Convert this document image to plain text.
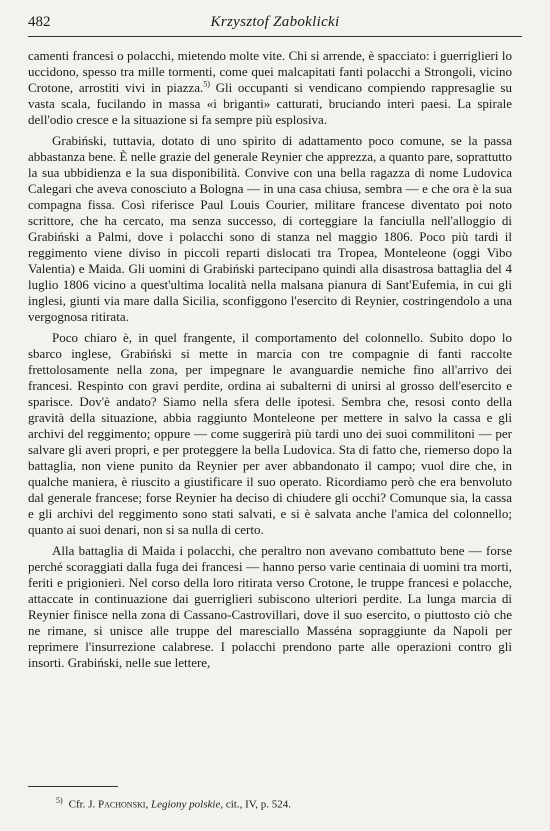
482	Krzysztof Zaboklicki

camenti francesi o polacchi, mietendo molte vite. Chi si arrende, è spacciato: i guerriglieri lo uccidono, spesso tra mille tormenti, come quei malcapitati fanti polacchi a Strongoli, vicino Crotone, arrostiti vivi in piazza.$^{5)}$ Gli occupanti si vendicano compiendo rappresaglie su vasta scala, fucilando in massa «i briganti» catturati, bruciando interi paesi. La spirale dell'odio cresce e la situazione si fa sempre più esplosiva.

Grabiński, tuttavia, dotato di uno spirito di adattamento poco comune, se la passa abbastanza bene. È nelle grazie del generale Reynier che apprezza, a quanto pare, soprattutto la sua ubbidienza e la sua disponibilità. Convive con una bella ragazza di nome Ludovica Calegari che aveva conosciuto a Bologna — in una casa chiusa, sembra — e che ora è la sua compagna fissa. Così riferisce Paul Louis Courier, militare francese diventato poi noto scrittore, che ha cercato, ma senza successo, di corteggiare la fanciulla nell'alloggio di Grabiński a Palmi, dove i polacchi sono di stanza nel maggio 1806. Poco più tardi il reggimento viene diviso in piccoli reparti dislocati tra Tropea, Monteleone (oggi Vibo Valentia) e Maida. Gli uomini di Grabiński partecipano quindi alla disastrosa battaglia del 4 luglio 1806 vicino a quest'ultima località nella malsana pianura di Sant'Eufemia, in cui gli inglesi, giunti via mare dalla Sicilia, sconfiggono l'esercito di Reynier, costringendolo a una vergognosa ritirata.

Poco chiaro è, in quel frangente, il comportamento del colonnello. Subito dopo lo sbarco inglese, Grabiński si mette in marcia con tre compagnie di fanti raccolte frettolosamente nella zona, per impegnare le avanguardie nemiche fino all'arrivo dei francesi. Respinto con gravi perdite, ordina ai subalterni di unirsi al grosso dell'esercito e sparisce. Dov'è andato? Siamo nella sfera delle ipotesi. Sembra che, resosi conto della gravità della situazione, abbia raggiunto Monteleone per mettere in salvo la cassa e gli archivi del reggimento; oppure — come suggerirà più tardi uno dei suoi commilitoni — per salvare gli averi propri, e per proteggere la bella Ludovica. Sta di fatto che, riemerso dopo la battaglia, non viene punito da Reynier per aver abbandonato il campo; vuol dire che, in qualche maniera, è riuscito a giustificare il suo operato. Ricordiamo però che era benvoluto dal generale francese; forse Reynier ha deciso di chiudere gli occhi? Comunque sia, la cassa e gli archivi del reggimento sono stati salvati, e si è salvata anche l'amica del colonnello; quanto ai suoi denari, non si sa nulla di certo.

Alla battaglia di Maida i polacchi, che peraltro non avevano combattuto bene — forse perché scoraggiati dalla fuga dei francesi — hanno perso varie centinaia di uomini tra morti, feriti e prigionieri. Nel corso della loro ritirata verso Crotone, le truppe francesi e polacche, attaccate in continuazione dai guerriglieri subiscono ulteriori perdite. La lunga marcia di Reynier finisce nella zona di Cassano-Castrovillari, dove il suo esercito, o piuttosto ciò che ne rimane, si unisce alle truppe del maresciallo Masséna sopraggiunte da Napoli per reprimere l'insurrezione calabrese. I polacchi prendono parte alle operazioni contro gli insorti. Grabiński, nelle sue lettere,

$^{5)}$ Cfr. J. Pachonski, Legiony polskie, cit., IV, p. 524.
